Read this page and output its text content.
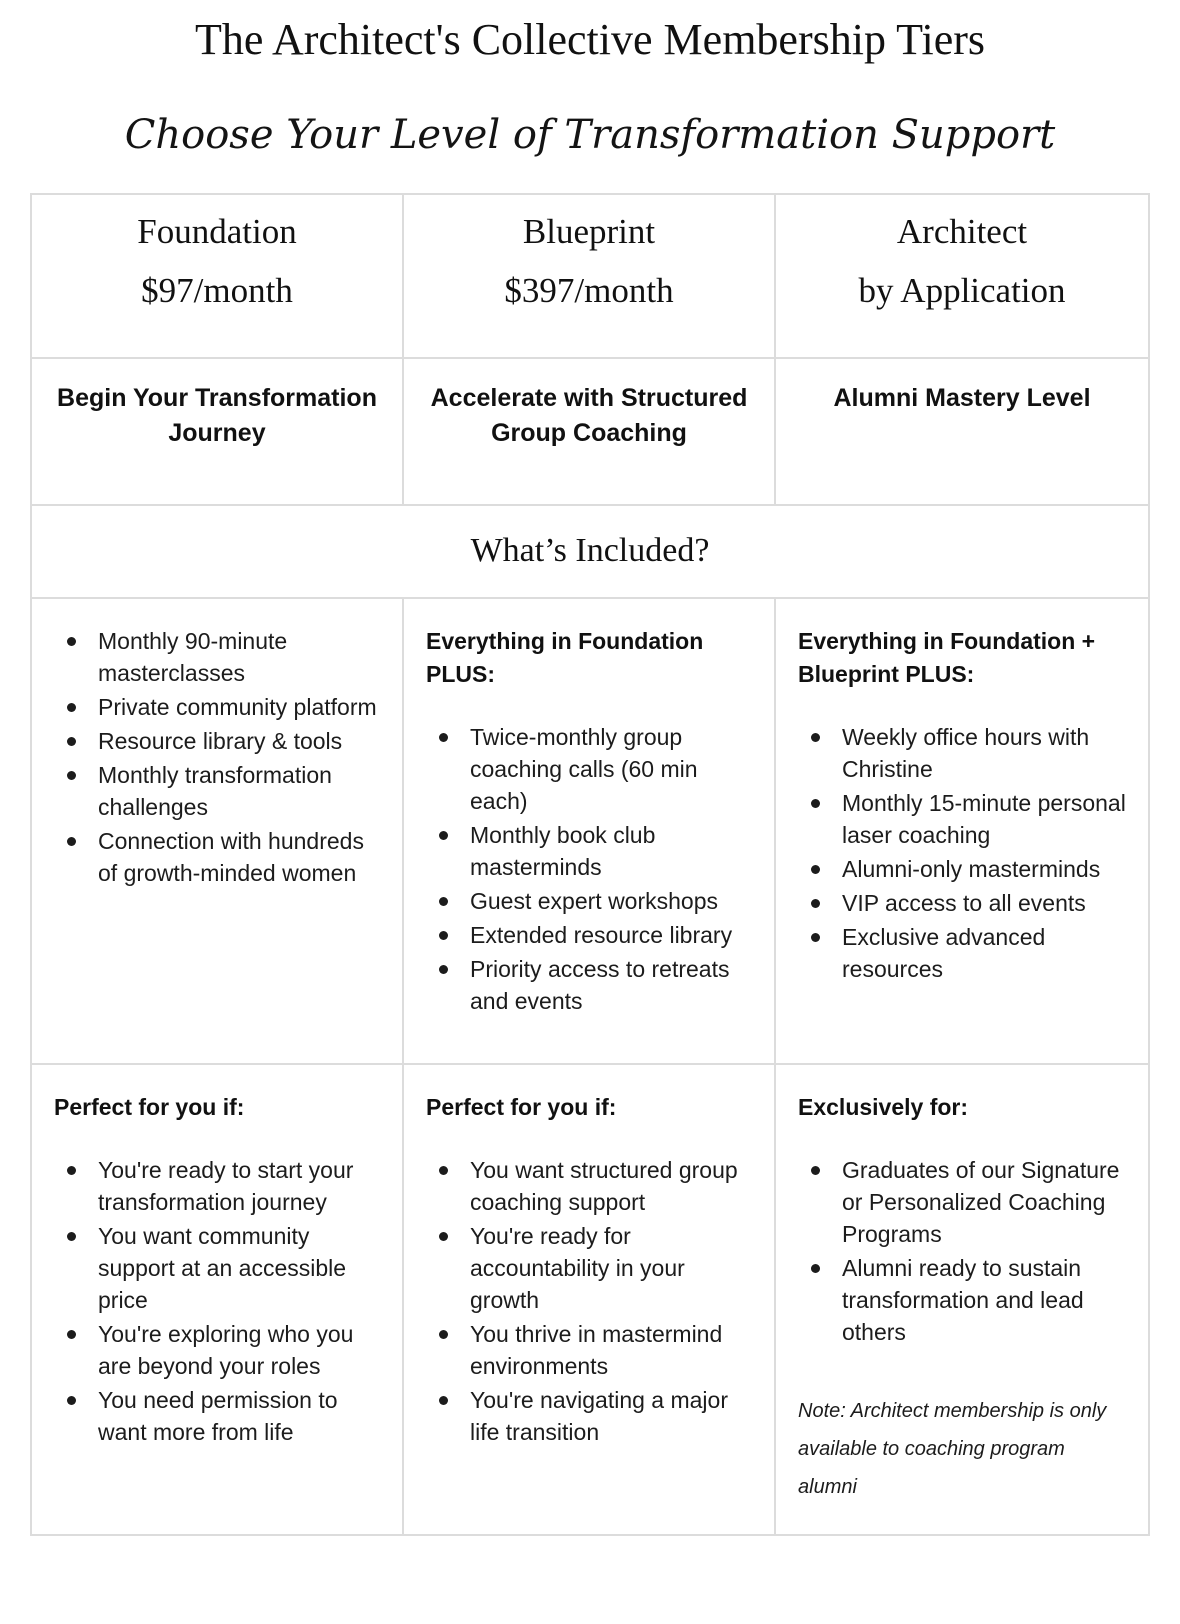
The Architect's Collective Membership Tiers
Choose Your Level of Transformation Support
Foundation
$97/month
Blueprint
$397/month
Architect
by Application
Begin Your Transformation Journey
Accelerate with Structured Group Coaching
Alumni Mastery Level
What’s Included?
Monthly 90-minute masterclasses
Private community platform
Resource library & tools
Monthly transformation challenges
Connection with hundreds of growth-minded women
Everything in Foundation PLUS:
Twice-monthly group coaching calls (60 min each)
Monthly book club masterminds
Guest expert workshops
Extended resource library
Priority access to retreats and events
Everything in Foundation + Blueprint PLUS:
Weekly office hours with Christine
Monthly 15-minute personal laser coaching
Alumni-only masterminds
VIP access to all events
Exclusive advanced resources
Perfect for you if:
You're ready to start your transformation journey
You want community support at an accessible price
You're exploring who you are beyond your roles
You need permission to want more from life
Perfect for you if:
You want structured group coaching support
You're ready for accountability in your growth
You thrive in mastermind environments
You're navigating a major life transition
Exclusively for:
Graduates of our Signature or Personalized Coaching Programs
Alumni ready to sustain transformation and lead others
Note: Architect membership is only available to coaching program alumni
